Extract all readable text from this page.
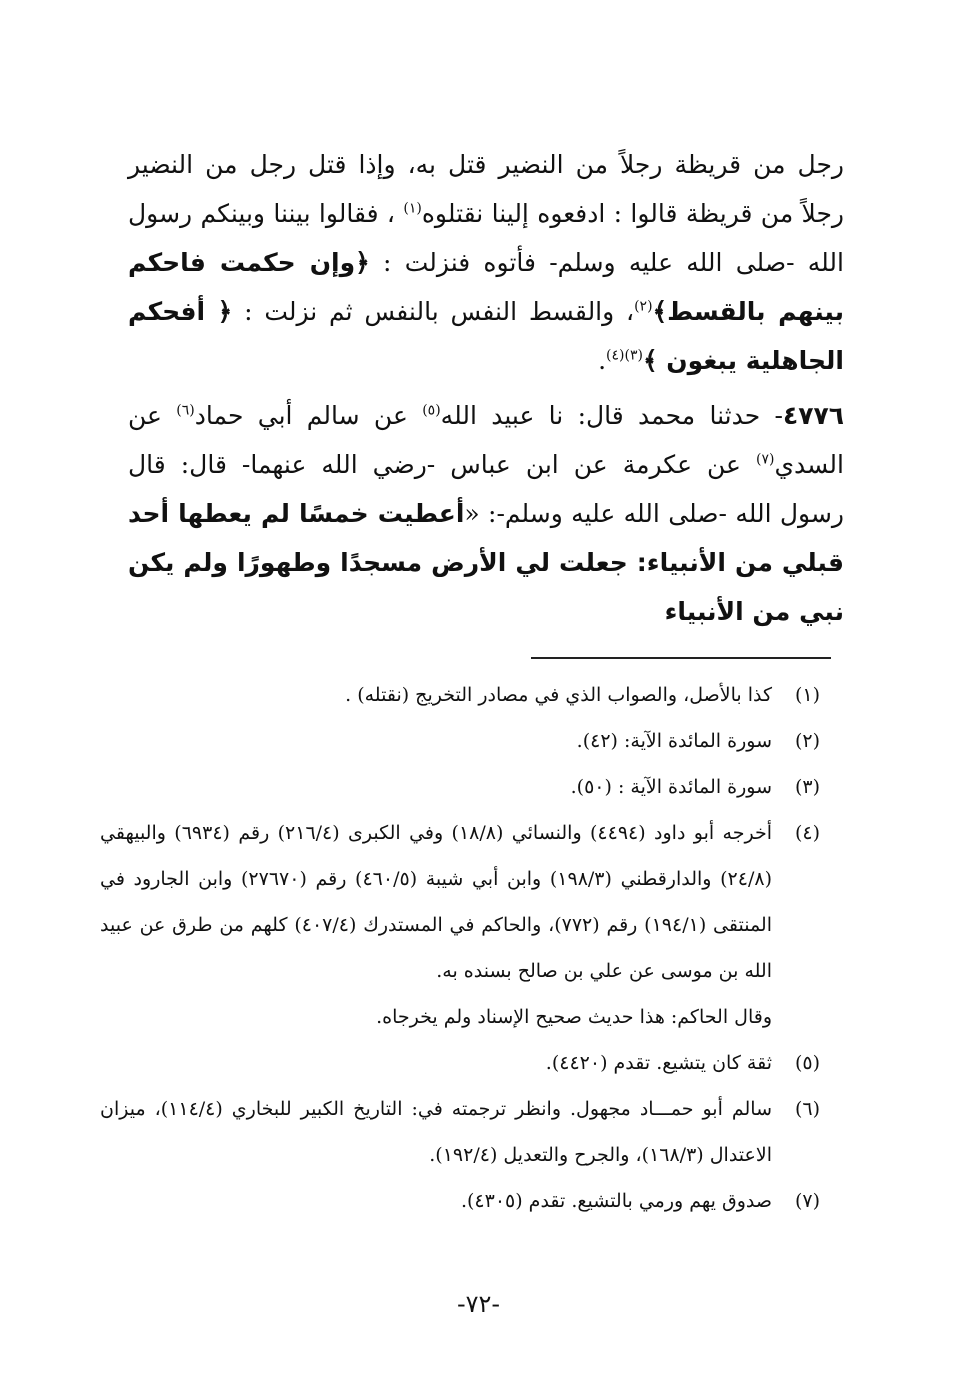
رجل من قريظة رجلاً من النضير قتل به، وإذا قتل رجل من النضير رجلاً من قريظة قالوا : ادفعوه إلينا نقتلوه$^{(١)}$ ، فقالوا بيننا وبينكم رسول الله -صلى الله عليه وسلم- فأتوه فنزلت : ﴿وإن حكمت فاحكم بينهم بالقسط﴾$^{(٢)}$، والقسط النفس بالنفس ثم نزلت : ﴿ أفحكم الجاهلية يبغون ﴾$^{(٣)(٤)}$.

٤٧٧٦- حدثنا محمد قال: نا عبيد الله$^{(٥)}$ عن سالم أبي حماد$^{(٦)}$ عن السدي$^{(٧)}$ عن عكرمة عن ابن عباس -رضي الله عنهما- قال: قال رسول الله -صلى الله عليه وسلم-: «أعطيت خمسًا لم يعطها أحد قبلي من الأنبياء: جعلت لي الأرض مسجدًا وطهورًا ولم يكن نبي من الأنبياء

(١)
كذا بالأصل، والصواب الذي في مصادر التخريج (نقتله) .
(٢)
سورة المائدة الآية: (٤٢).
(٣)
سورة المائدة الآية : (٥٠).
(٤)
أخرجه أبو داود (٤٤٩٤) والنسائي (١٨/٨) وفي الكبرى (٢١٦/٤) رقم (٦٩٣٤) والبيهقي (٢٤/٨) والدارقطني (١٩٨/٣) وابن أبي شيبة (٤٦٠/٥) رقم (٢٧٦٧٠) وابن الجارود في المنتقى (١٩٤/١) رقم (٧٧٢)، والحاكم في المستدرك (٤٠٧/٤) كلهم من طرق عن عبيد الله بن موسى عن علي بن صالح بسنده به.
وقال الحاكم: هذا حديث صحيح الإسناد ولم يخرجاه.
(٥)
ثقة كان يتشيع. تقدم (٤٤٢٠).
(٦)
سالم أبو حمـــاد مجهول. وانظر ترجمته في: التاريخ الكبير للبخاري (١١٤/٤)، ميزان الاعتدال (١٦٨/٣)، والجرح والتعديل (١٩٢/٤).
(٧)
صدوق يهم ورمي بالتشيع. تقدم (٤٣٠٥).
-٧٢-
